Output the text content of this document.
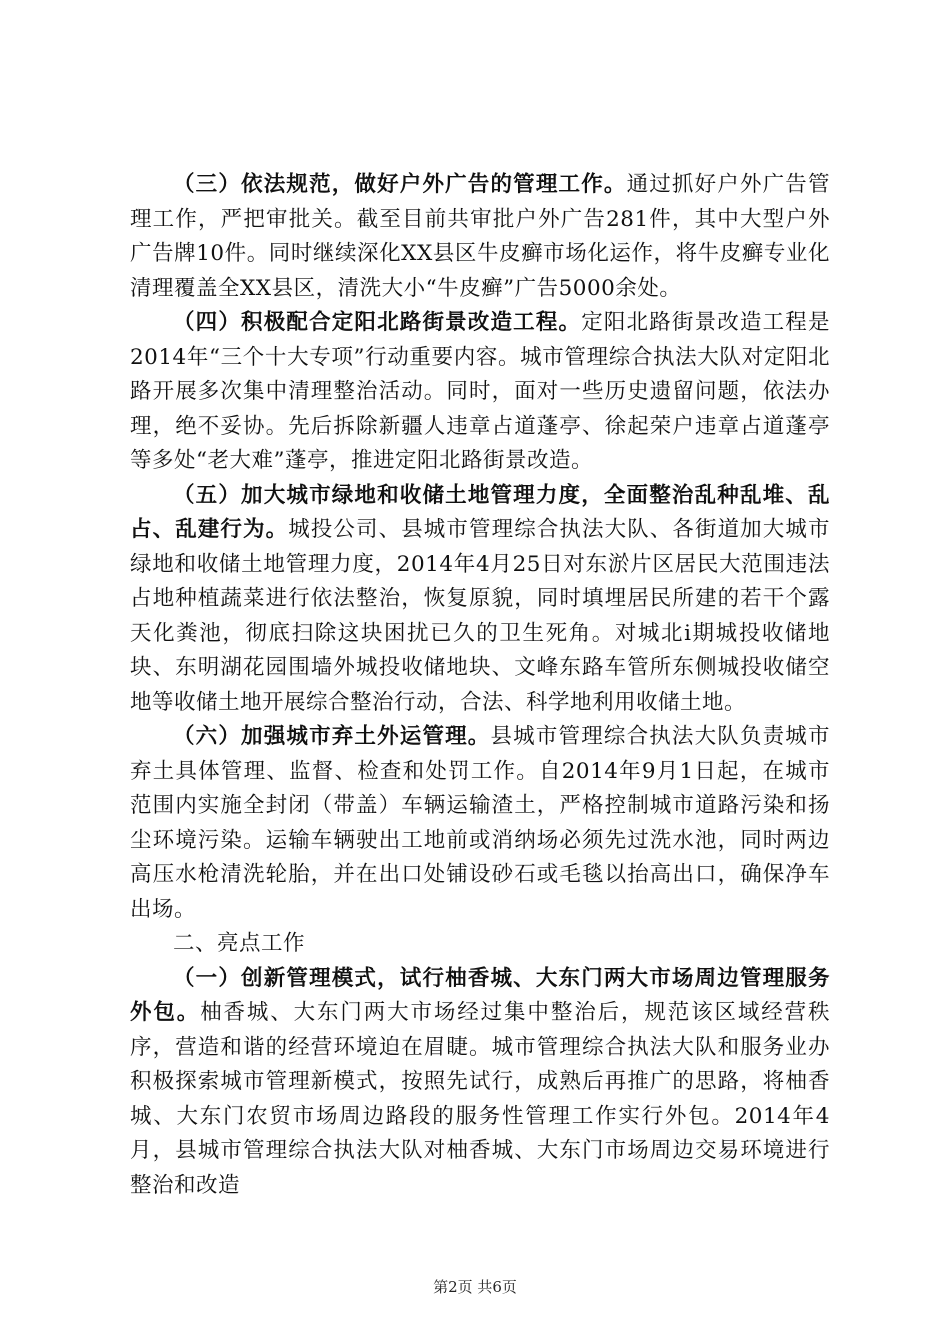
（三）依法规范，做好户外广告的管理工作。通过抓好户外广告管理工作，严把审批关。截至目前共审批户外广告281件，其中大型户外广告牌10件。同时继续深化XX县区牛皮癣市场化运作，将牛皮癣专业化清理覆盖全XX县区，清洗大小“牛皮癣”广告5000余处。

（四）积极配合定阳北路街景改造工程。定阳北路街景改造工程是2014年“三个十大专项”行动重要内容。城市管理综合执法大队对定阳北路开展多次集中清理整治活动。同时，面对一些历史遗留问题，依法办理，绝不妥协。先后拆除新疆人违章占道蓬亭、徐起荣户违章占道蓬亭等多处“老大难”蓬亭，推进定阳北路街景改造。

（五）加大城市绿地和收储土地管理力度，全面整治乱种乱堆、乱占、乱建行为。城投公司、县城市管理综合执法大队、各街道加大城市绿地和收储土地管理力度，2014年4月25日对东淤片区居民大范围违法占地种植蔬菜进行依法整治，恢复原貌，同时填埋居民所建的若干个露天化粪池，彻底扫除这块困扰已久的卫生死角。对城北i期城投收储地块、东明湖花园围墙外城投收储地块、文峰东路车管所东侧城投收储空地等收储土地开展综合整治行动，合法、科学地利用收储土地。

（六）加强城市弃土外运管理。县城市管理综合执法大队负责城市弃土具体管理、监督、检查和处罚工作。自2014年9月1日起，在城市范围内实施全封闭（带盖）车辆运输渣土，严格控制城市道路污染和扬尘环境污染。运输车辆驶出工地前或消纳场必须先过洗水池，同时两边高压水枪清洗轮胎，并在出口处铺设砂石或毛毯以抬高出口，确保净车出场。

二、亮点工作

（一）创新管理模式，试行柚香城、大东门两大市场周边管理服务外包。柚香城、大东门两大市场经过集中整治后，规范该区域经营秩序，营造和谐的经营环境迫在眉睫。城市管理综合执法大队和服务业办积极探索城市管理新模式，按照先试行，成熟后再推广的思路，将柚香城、大东门农贸市场周边路段的服务性管理工作实行外包。2014年4月，县城市管理综合执法大队对柚香城、大东门市场周边交易环境进行整治和改造

第2页 共6页
